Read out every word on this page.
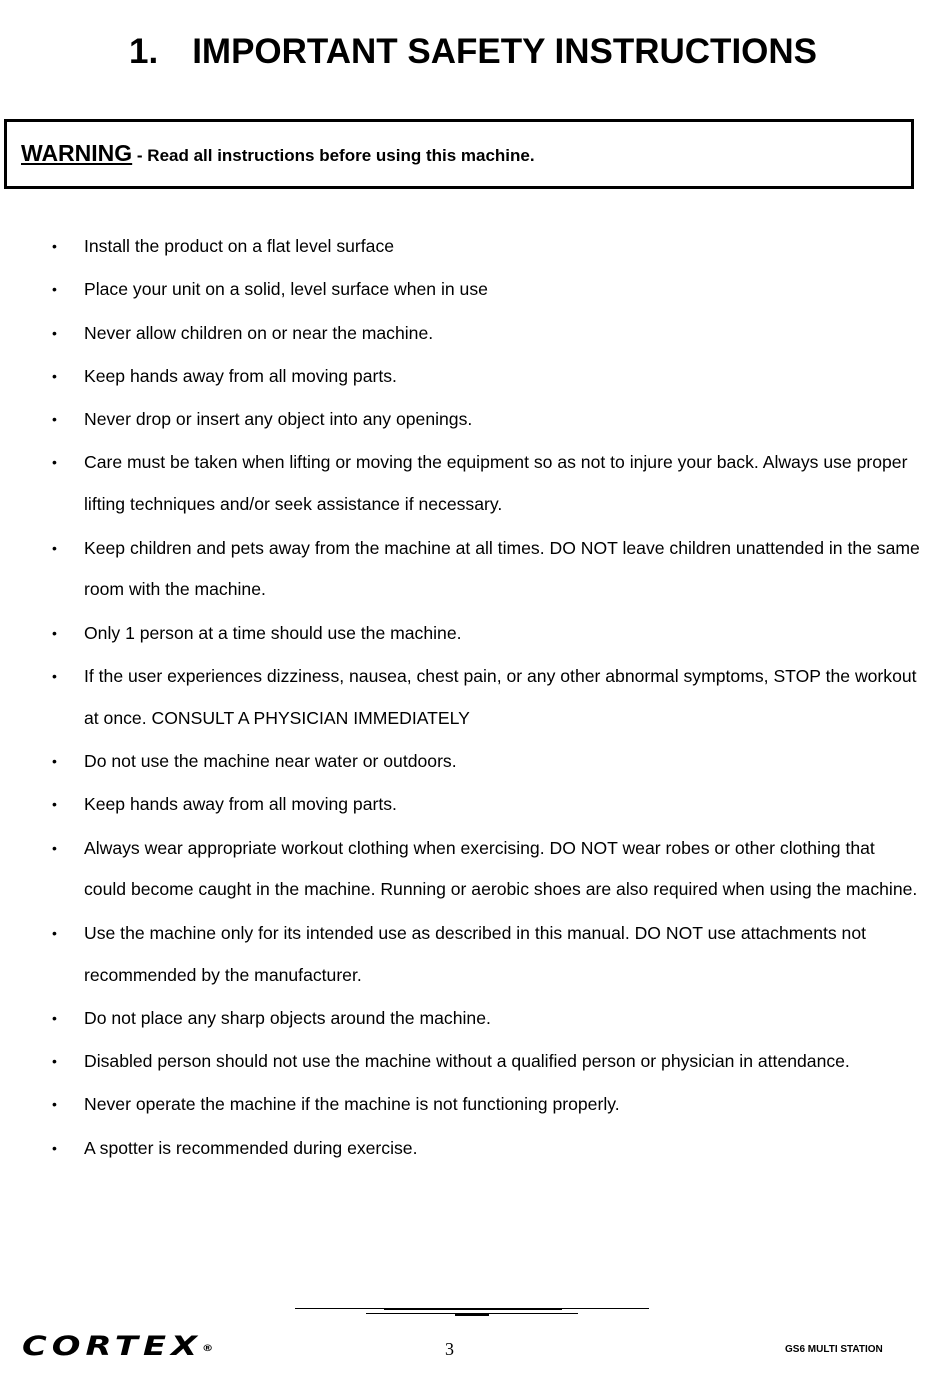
1. IMPORTANT SAFETY INSTRUCTIONS
WARNING - Read all instructions before using this machine.
• Install the product on a flat level surface
• Place your unit on a solid, level surface when in use
• Never allow children on or near the machine.
• Keep hands away from all moving parts.
• Never drop or insert any object into any openings.
• Care must be taken when lifting or moving the equipment so as not to injure your back. Always use proper lifting techniques and/or seek assistance if necessary.
• Keep children and pets away from the machine at all times. DO NOT leave children unattended in the same room with the machine.
• Only 1 person at a time should use the machine.
• If the user experiences dizziness, nausea, chest pain, or any other abnormal symptoms, STOP the workout at once. CONSULT A PHYSICIAN IMMEDIATELY
• Do not use the machine near water or outdoors.
• Keep hands away from all moving parts.
• Always wear appropriate workout clothing when exercising. DO NOT wear robes or other clothing that could become caught in the machine. Running or aerobic shoes are also required when using the machine.
• Use the machine only for its intended use as described in this manual. DO NOT use attachments not recommended by the manufacturer.
• Do not place any sharp objects around the machine.
• Disabled person should not use the machine without a qualified person or physician in attendance.
• Never operate the machine if the machine is not functioning properly.
• A spotter is recommended during exercise.
CORTEX®	3	GS6 MULTI STATION
